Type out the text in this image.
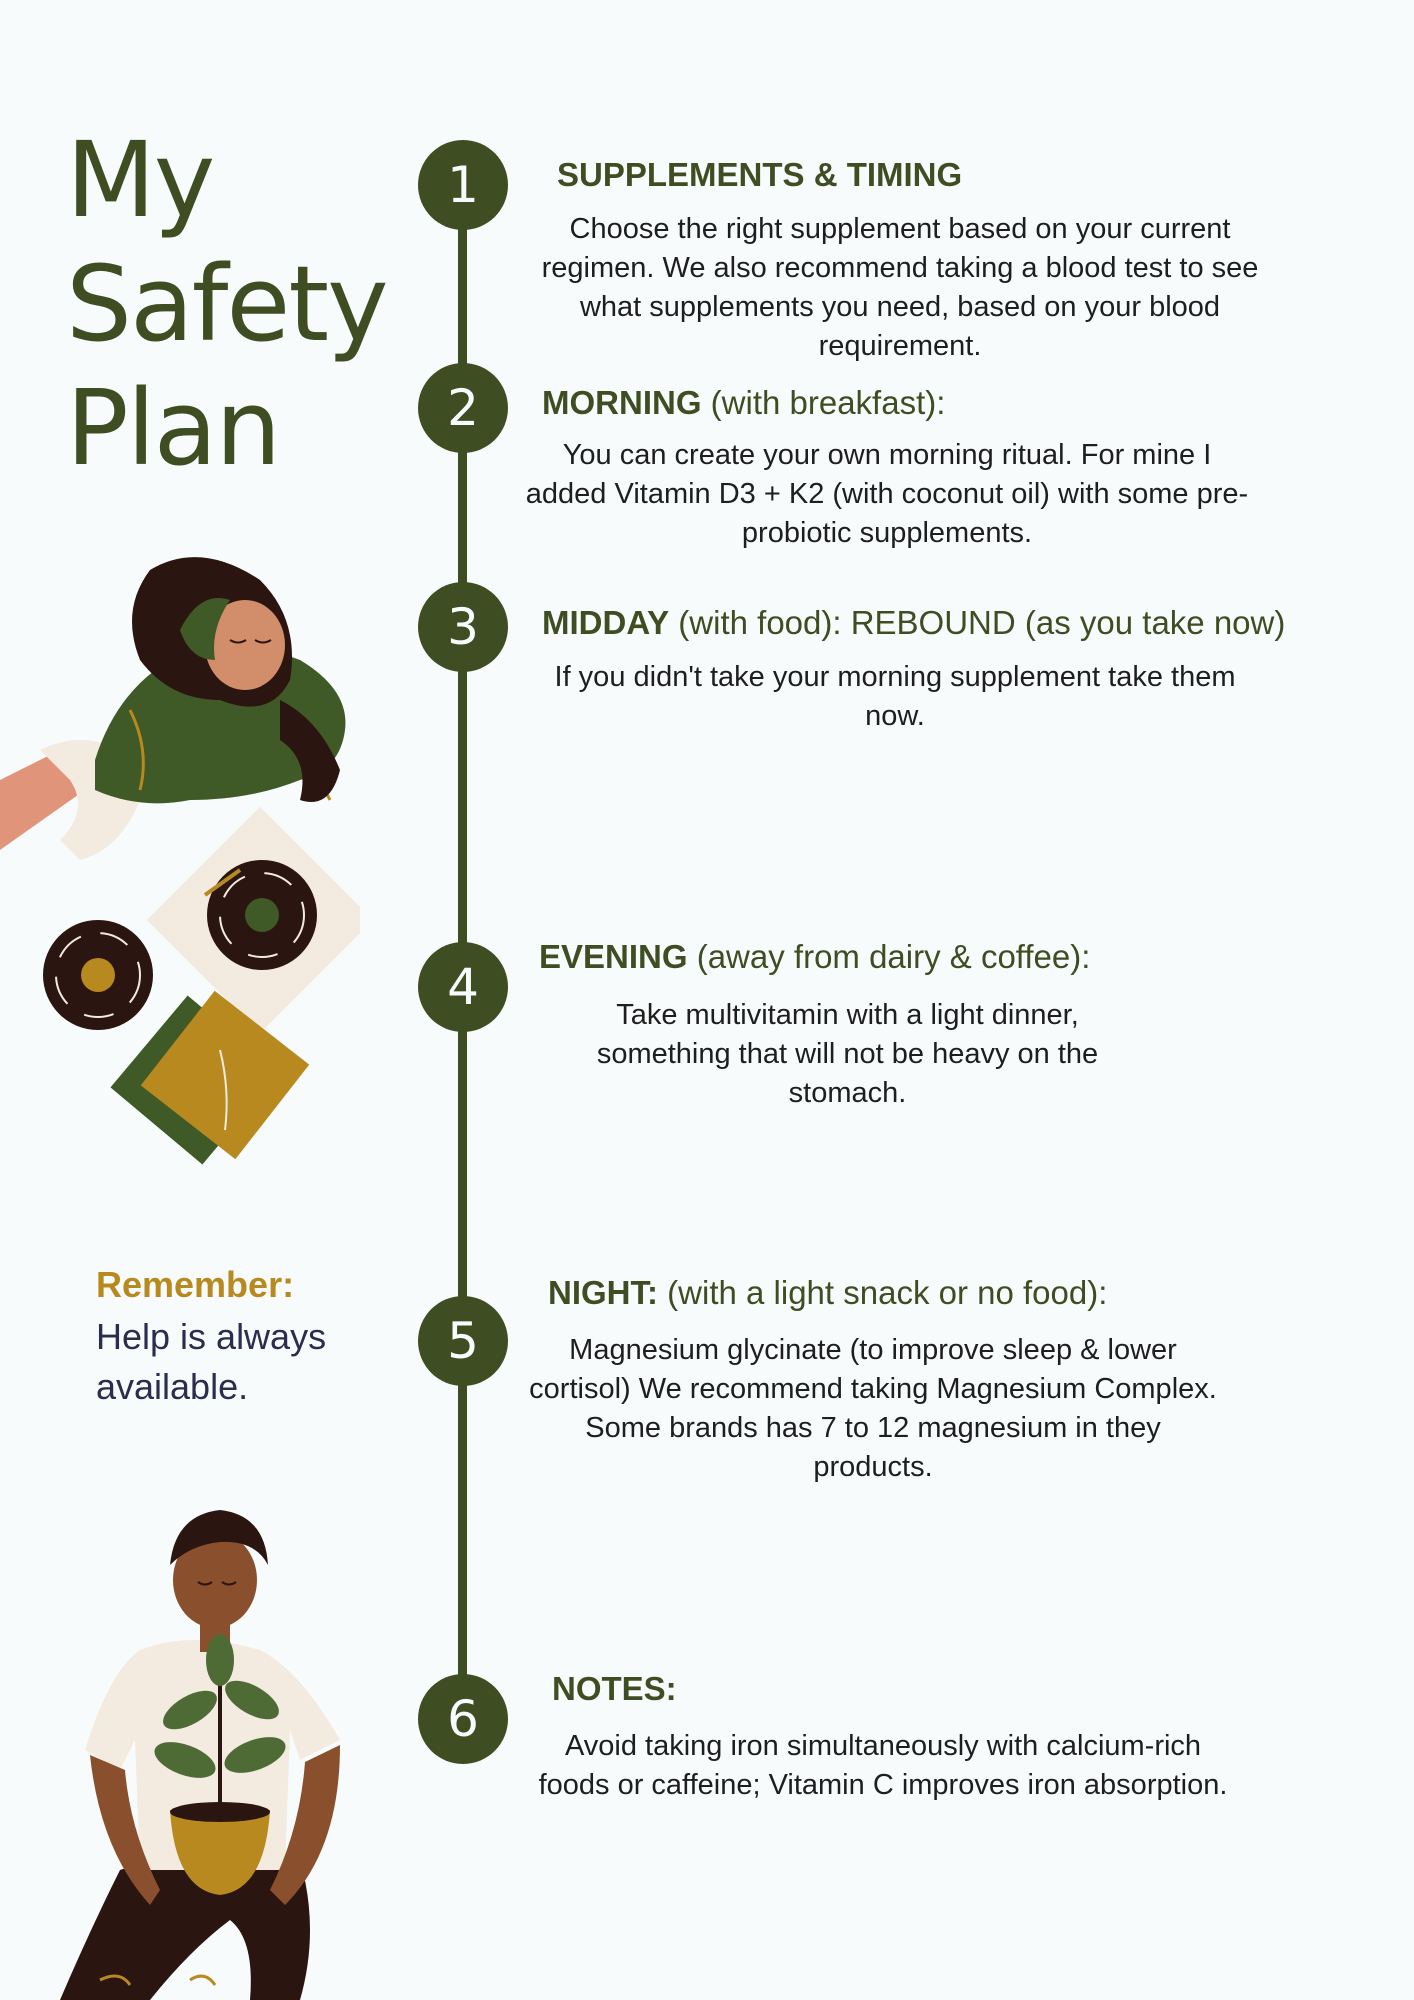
My
Safety
Plan
1	SUPPLEMENTS & TIMING
Choose the right supplement based on your current regimen. We also recommend taking a blood test to see what supplements you need, based on your blood requirement.
2	MORNING (with breakfast):
You can create your own morning ritual. For mine I added Vitamin D3 + K2 (with coconut oil) with some pre-probiotic supplements.
3	MIDDAY (with food): REBOUND (as you take now)
If you didn't take your morning supplement take them now.
4
EVENING (away from dairy & coffee):
Take multivitamin with a light dinner, something that will not be heavy on the stomach.
5
NIGHT: (with a light snack or no food):
Magnesium glycinate (to improve sleep & lower cortisol) We recommend taking Magnesium Complex. Some brands has 7 to 12 magnesium in they products.
6
NOTES:
Avoid taking iron simultaneously with calcium-rich foods or caffeine; Vitamin C improves iron absorption.
Remember:
Help is always available.
